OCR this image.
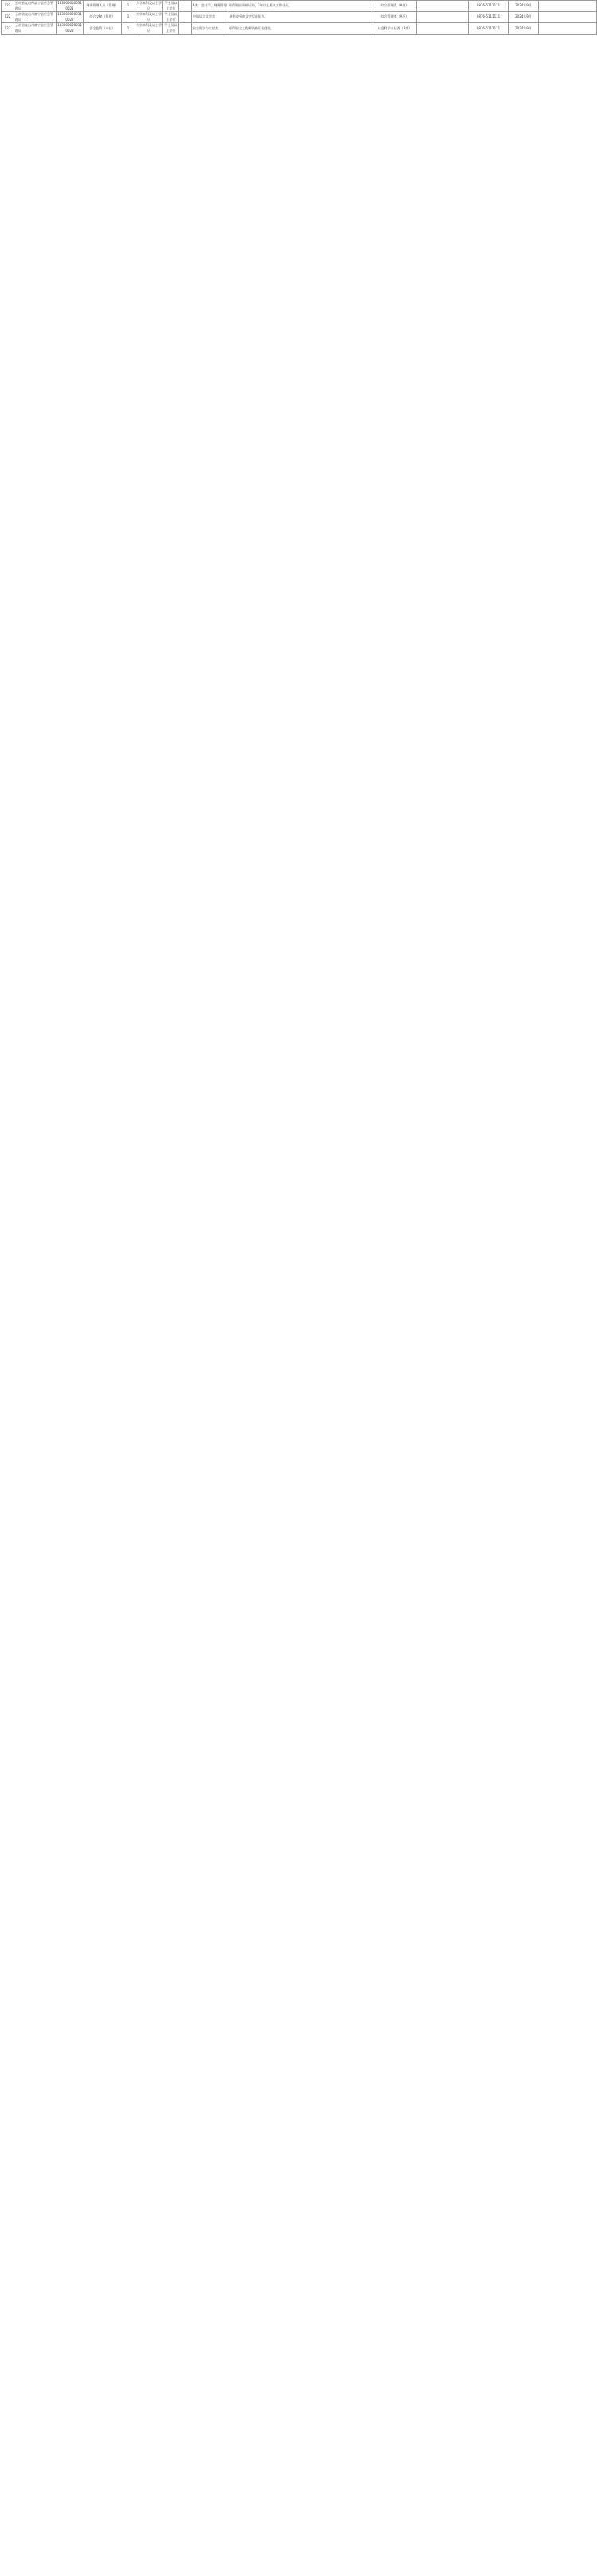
121	云南省文山州富宁县应急管理局	1330000000310021	财务管理人员（管理）	1	大学本科及以上学历	学士及以上学位		A类：会计学，财务管理	取得相应资格证书，2年以上相关工作经历。	综合管理类（A类）		0876-5111111	2024年9月	
122	云南省文山州富宁县应急管理局	1330000000310022	综合文秘（管理）	1	大学本科及以上学历	学士及以上学位		中国语言文学类	具有较强的文字写作能力。	综合管理类（A类）		0876-5111111	2024年9月	
123	云南省文山州富宁县应急管理局	1330000000310023	安全监管（专技）	1	大学本科及以上学历	学士及以上学位		安全科学与工程类	取得安全工程师资格证书优先。	社会科学专技类（B类）		0876-5111111	2024年9月	
